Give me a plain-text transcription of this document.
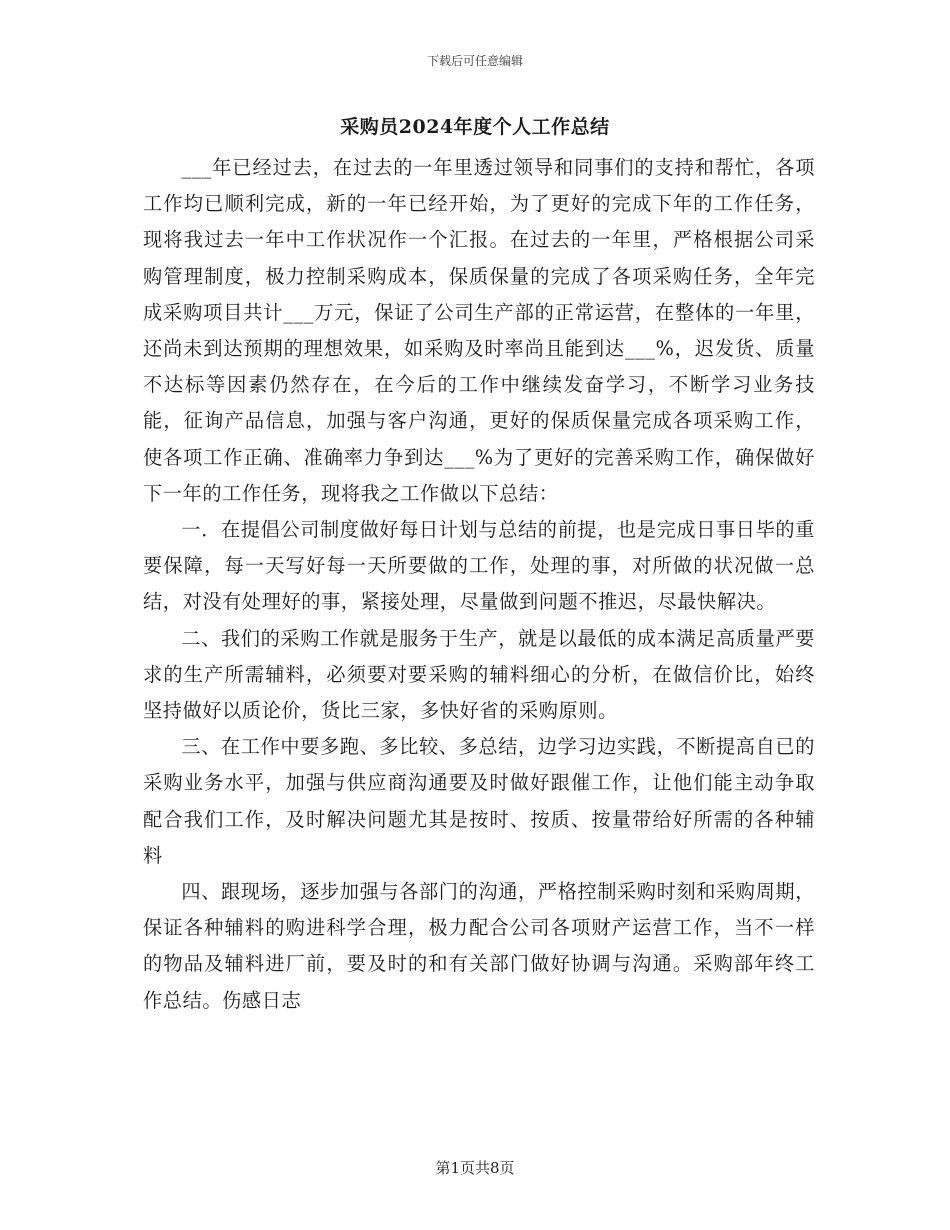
下载后可任意编辑
采购员2024年度个人工作总结

___年已经过去，在过去的一年里透过领导和同事们的支持和帮忙，各项工作均已顺利完成，新的一年已经开始，为了更好的完成下年的工作任务，现将我过去一年中工作状况作一个汇报。在过去的一年里，严格根据公司采购管理制度，极力控制采购成本，保质保量的完成了各项采购任务，全年完成采购项目共计___万元，保证了公司生产部的正常运营，在整体的一年里，还尚未到达预期的理想效果，如采购及时率尚且能到达___%，迟发货、质量不达标等因素仍然存在，在今后的工作中继续发奋学习，不断学习业务技能，征询产品信息，加强与客户沟通，更好的保质保量完成各项采购工作，使各项工作正确、准确率力争到达___%为了更好的完善采购工作，确保做好下一年的工作任务，现将我之工作做以下总结：

一．在提倡公司制度做好每日计划与总结的前提，也是完成日事日毕的重要保障，每一天写好每一天所要做的工作，处理的事，对所做的状况做一总结，对没有处理好的事，紧接处理，尽量做到问题不推迟，尽最快解决。

二、我们的采购工作就是服务于生产，就是以最低的成本满足高质量严要求的生产所需辅料，必须要对要采购的辅料细心的分析，在做信价比，始终坚持做好以质论价，货比三家，多快好省的采购原则。

三、在工作中要多跑、多比较、多总结，边学习边实践，不断提高自已的采购业务水平，加强与供应商沟通要及时做好跟催工作，让他们能主动争取配合我们工作，及时解决问题尤其是按时、按质、按量带给好所需的各种辅料

四、跟现场，逐步加强与各部门的沟通，严格控制采购时刻和采购周期，保证各种辅料的购进科学合理，极力配合公司各项财产运营工作，当不一样的物品及辅料进厂前，要及时的和有关部门做好协调与沟通。采购部年终工作总结。伤感日志

第1页共8页
